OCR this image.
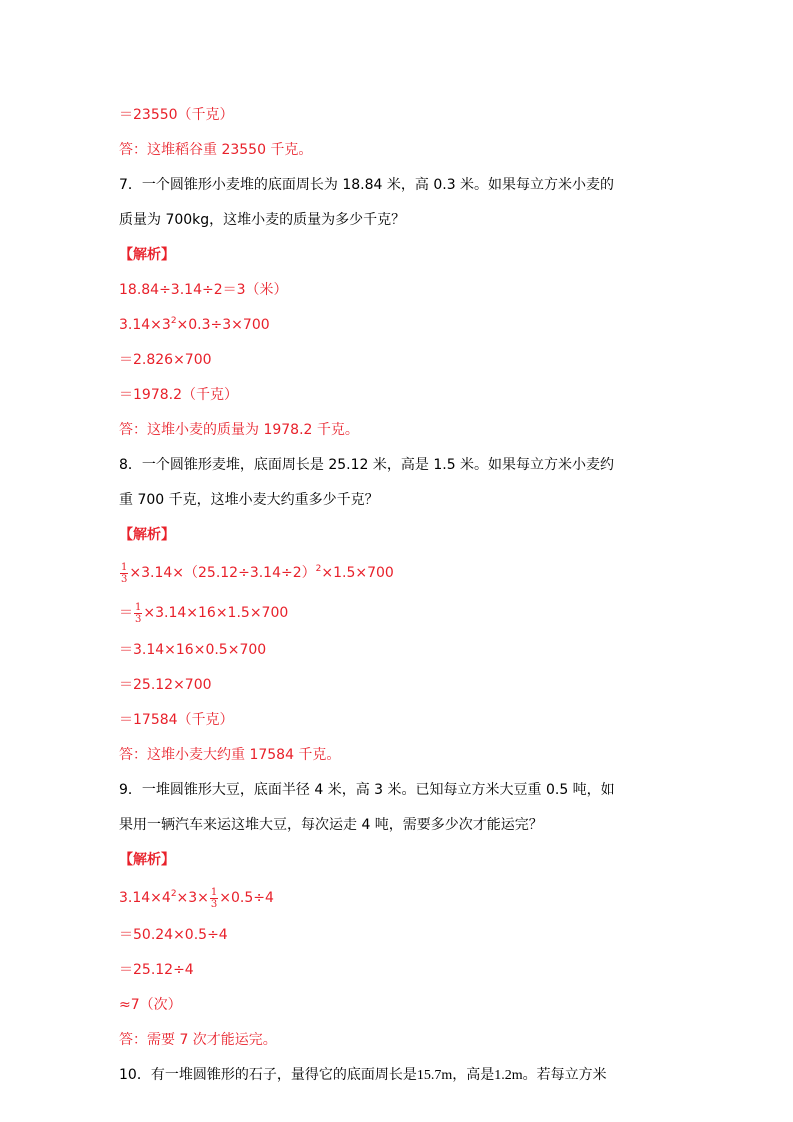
＝23550（千克）
答：这堆稻谷重 23550 千克。
7．一个圆锥形小麦堆的底面周长为 18.84 米，高 0.3 米。如果每立方米小麦的
质量为 700kg，这堆小麦的质量为多少千克？
【解析】
18.84÷3.14÷2＝3（米）
$3.14\times 3^2\times 0.3\div 3\times 700$
＝2.826×700
＝1978.2（千克）
答：这堆小麦的质量为 1978.2 千克。
8．一个圆锥形麦堆，底面周长是 25.12 米，高是 1.5 米。如果每立方米小麦约
重 700 千克，这堆小麦大约重多少千克？
【解析】
$\frac{1}{3} \times 3.14\times(25.12\div 3.14\div 2)^2\times 1.5\times 700$
＝ $\frac{1}{3} \times 3.14\times 16\times 1.5\times 700$
＝3.14×16×0.5×700
＝25.12×700
＝17584（千克）
答：这堆小麦大约重 17584 千克。
9．一堆圆锥形大豆，底面半径 4 米，高 3 米。已知每立方米大豆重 0.5 吨，如
果用一辆汽车来运这堆大豆，每次运走 4 吨，需要多少次才能运完？
【解析】
$3.14\times 4^2\times 3\times \frac{1}{3} \times 0.5\div 4$
＝50.24×0.5÷4
＝25.12÷4
≈7（次）
答：需要 7 次才能运完。
10．有一堆圆锥形的石子，量得它的底面周长是15.7m，高是1.2m。若每立方米
